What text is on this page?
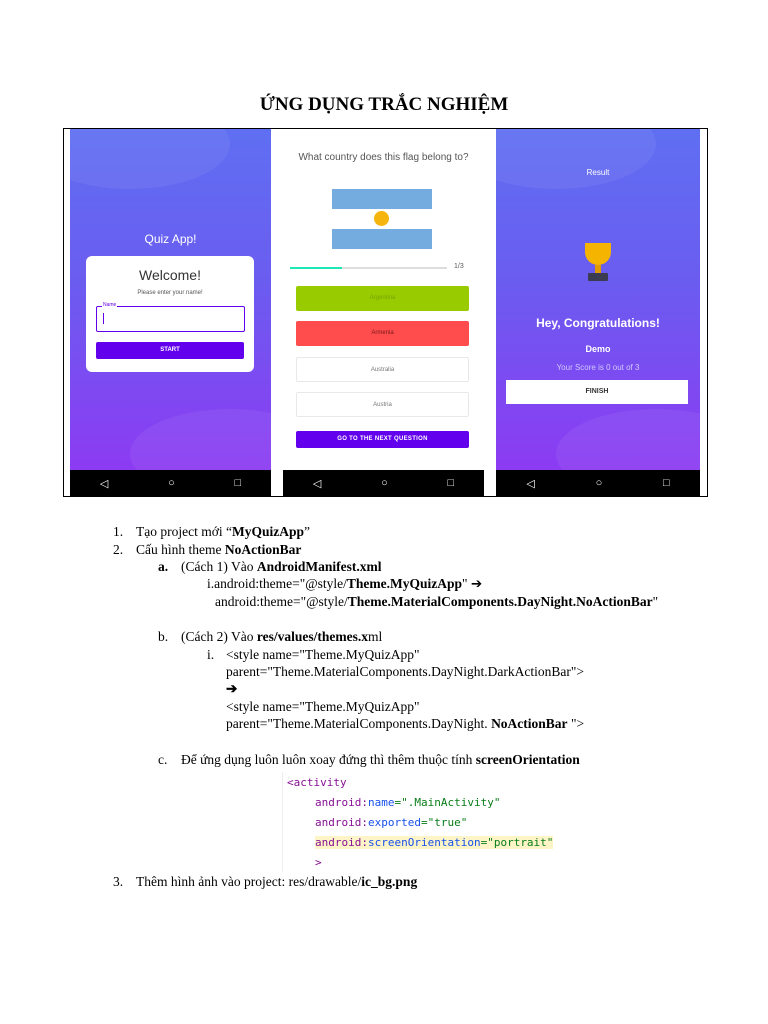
ỨNG DỤNG TRẮC NGHIỆM
Quiz App!
Welcome!
Please enter your name!
Name
START
◁	○	□
What country does this flag belong to?
1/3
Argentina
Armenia
Australia
Austria
GO TO THE NEXT QUESTION
◁	○	□
Result
Hey, Congratulations!
Demo
Your Score is 0 out of 3
FINISH
◁	○	□
1. Tạo project mới “MyQuizApp”
2. Cấu hình theme NoActionBar
a. (Cách 1) Vào AndroidManifest.xml
i.android:theme="@style/Theme.MyQuizApp" ➔
android:theme="@style/Theme.MaterialComponents.DayNight.NoActionBar"
b. (Cách 2) Vào res/values/themes.xml
i. <style name="Theme.MyQuizApp"
parent="Theme.MaterialComponents.DayNight.DarkActionBar">
➔
<style name="Theme.MyQuizApp"
parent="Theme.MaterialComponents.DayNight. NoActionBar ">
c. Để ứng dụng luôn luôn xoay đứng thì thêm thuộc tính screenOrientation
<activity
android:name=".MainActivity"
android:exported="true"
android:screenOrientation="portrait"
>
3. Thêm hình ảnh vào project: res/drawable/ic_bg.png
